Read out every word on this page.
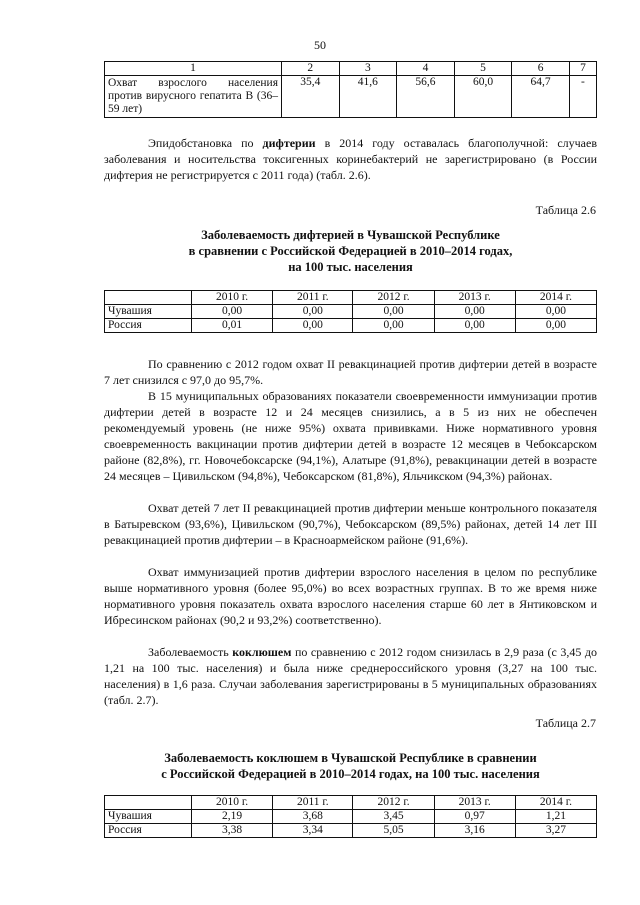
50
1	2	3	4	5	6	7
Охват взрослого населения против вирусного гепатита В (36–59 лет)	35,4	41,6	56,6	60,0	64,7	-

Эпидобстановка по дифтерии в 2014 году оставалась благополучной: случаев заболевания и носительства токсигенных коринебактерий не зарегистрировано (в России дифтерия не регистрируется с 2011 года) (табл. 2.6).

Таблица 2.6
Заболеваемость дифтерией в Чувашской Республике
в сравнении с Российской Федерацией в 2010–2014 годах,
на 100 тыс. населения
	2010 г.	2011 г.	2012 г.	2013 г.	2014 г.
Чувашия	0,00	0,00	0,00	0,00	0,00
Россия	0,01	0,00	0,00	0,00	0,00

По сравнению с 2012 годом охват II ревакцинацией против дифтерии детей в возрасте 7 лет снизился с 97,0 до 95,7%.

В 15 муниципальных образованиях показатели своевременности иммунизации против дифтерии детей в возрасте 12 и 24 месяцев снизились, а в 5 из них не обеспечен рекомендуемый уровень (не ниже 95%) охвата прививками. Ниже нормативного уровня своевременность вакцинации против дифтерии детей в возрасте 12 месяцев в Чебоксарском районе (82,8%), гг. Новочебоксарске (94,1%), Алатыре (91,8%), ревакцинации детей в возрасте 24 месяцев – Цивильском (94,8%), Чебоксарском (81,8%), Яльчикском (94,3%) районах.

Охват детей 7 лет II ревакцинацией против дифтерии меньше контрольного показателя в Батыревском (93,6%), Цивильском (90,7%), Чебоксарском (89,5%) районах, детей 14 лет III ревакцинацией против дифтерии – в Красноармейском районе (91,6%).

Охват иммунизацией против дифтерии взрослого населения в целом по республике выше нормативного уровня (более 95,0%) во всех возрастных группах. В то же время ниже нормативного уровня показатель охвата взрослого населения старше 60 лет в Янтиковском и Ибресинском районах (90,2 и 93,2%) соответственно).

Заболеваемость коклюшем по сравнению с 2012 годом снизилась в 2,9 раза (с 3,45 до 1,21 на 100 тыс. населения) и была ниже среднероссийского уровня (3,27 на 100 тыс. населения) в 1,6 раза. Случаи заболевания зарегистрированы в 5 муниципальных образованиях (табл. 2.7).

Таблица 2.7
Заболеваемость коклюшем в Чувашской Республике в сравнении
с Российской Федерацией в 2010–2014 годах, на 100 тыс. населения
	2010 г.	2011 г.	2012 г.	2013 г.	2014 г.
Чувашия	2,19	3,68	3,45	0,97	1,21
Россия	3,38	3,34	5,05	3,16	3,27
